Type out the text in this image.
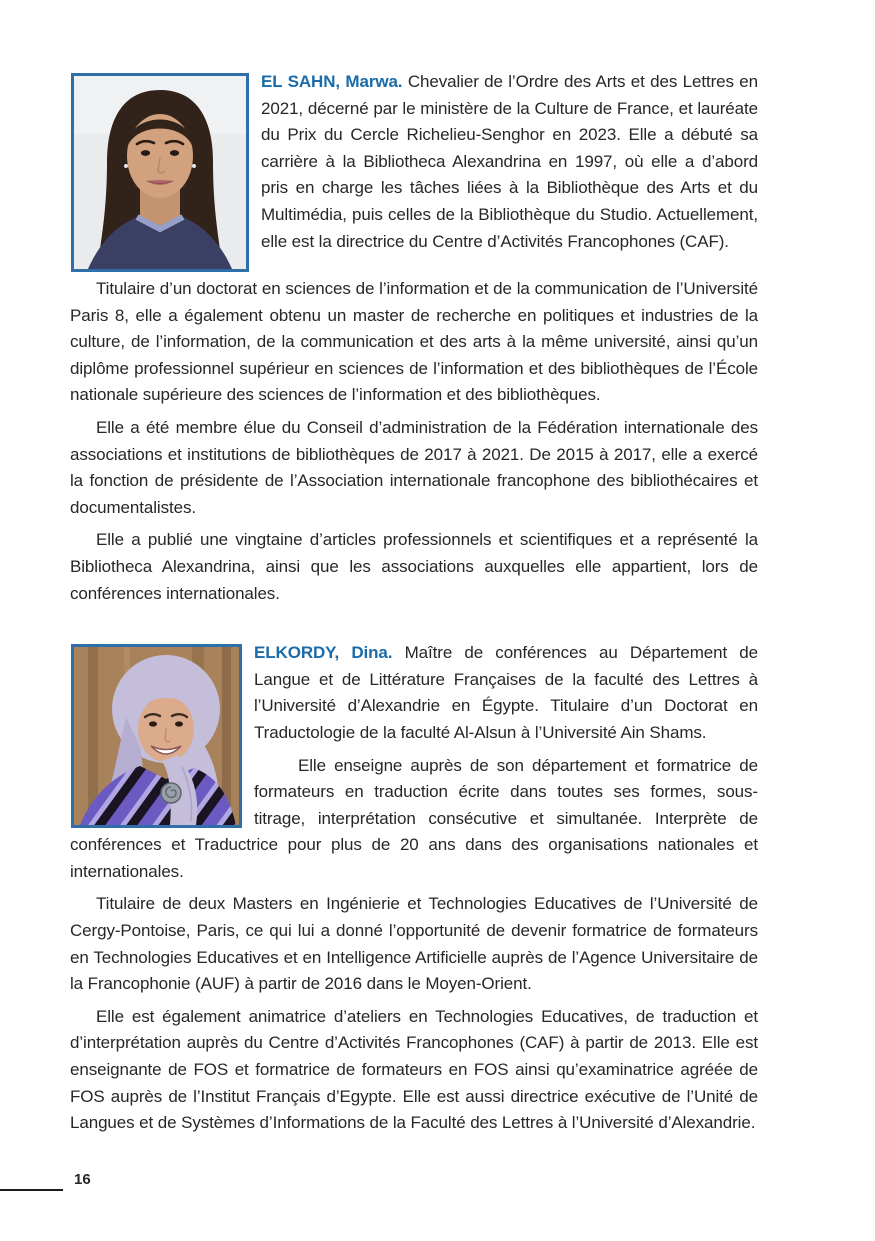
EL SAHN, Marwa. Chevalier de l’Ordre des Arts et des Lettres en 2021, décerné par le ministère de la Culture de France, et lauréate du Prix du Cercle Richelieu-Senghor en 2023. Elle a débuté sa carrière à la Bibliotheca Alexandrina en 1997, où elle a d’abord pris en charge les tâches liées à la Bibliothèque des Arts et du Multimédia, puis celles de la Bibliothèque du Studio. Actuellement, elle est la directrice du Centre d’Activités Francophones (CAF).

Titulaire d’un doctorat en sciences de l’information et de la communication de l’Université Paris 8, elle a également obtenu un master de recherche en politiques et industries de la culture, de l’information, de la communication et des arts à la même université, ainsi qu’un diplôme professionnel supérieur en sciences de l’information et des bibliothèques de l’École nationale supérieure des sciences de l’information et des bibliothèques.

Elle a été membre élue du Conseil d’administration de la Fédération internationale des associations et institutions de bibliothèques de 2017 à 2021. De 2015 à 2017, elle a exercé la fonction de présidente de l’Association internationale francophone des bibliothécaires et documentalistes.

Elle a publié une vingtaine d’articles professionnels et scientifiques et a représenté la Bibliotheca Alexandrina, ainsi que les associations auxquelles elle appartient, lors de conférences internationales.

ELKORDY, Dina. Maître de conférences au Département de Langue et de Littérature Françaises de la faculté des Lettres à l’Université d’Alexandrie en Égypte. Titulaire d’un Doctorat en Traductologie de la faculté Al-Alsun à l’Université Ain Shams.

Elle enseigne auprès de son département et formatrice de formateurs en traduction écrite dans toutes ses formes, sous-titrage, interprétation consécutive et simultanée. Interprète de conférences et Traductrice pour plus de 20 ans dans des organisations nationales et internationales.

Titulaire de deux Masters en Ingénierie et Technologies Educatives de l’Université de Cergy-Pontoise, Paris, ce qui lui a donné l’opportunité de devenir formatrice de formateurs en Technologies Educatives et en Intelligence Artificielle auprès de l’Agence Universitaire de la Francophonie (AUF) à partir de 2016 dans le Moyen-Orient.

Elle est également animatrice d’ateliers en Technologies Educatives, de traduction et d’interprétation auprès du Centre d’Activités Francophones (CAF) à partir de 2013. Elle est enseignante de FOS et formatrice de formateurs en FOS ainsi qu’examinatrice agréée de FOS auprès de l’Institut Français d’Egypte. Elle est aussi directrice exécutive de l’Unité de Langues et de Systèmes d’Informations de la Faculté des Lettres à l’Université d’Alexandrie.

16
